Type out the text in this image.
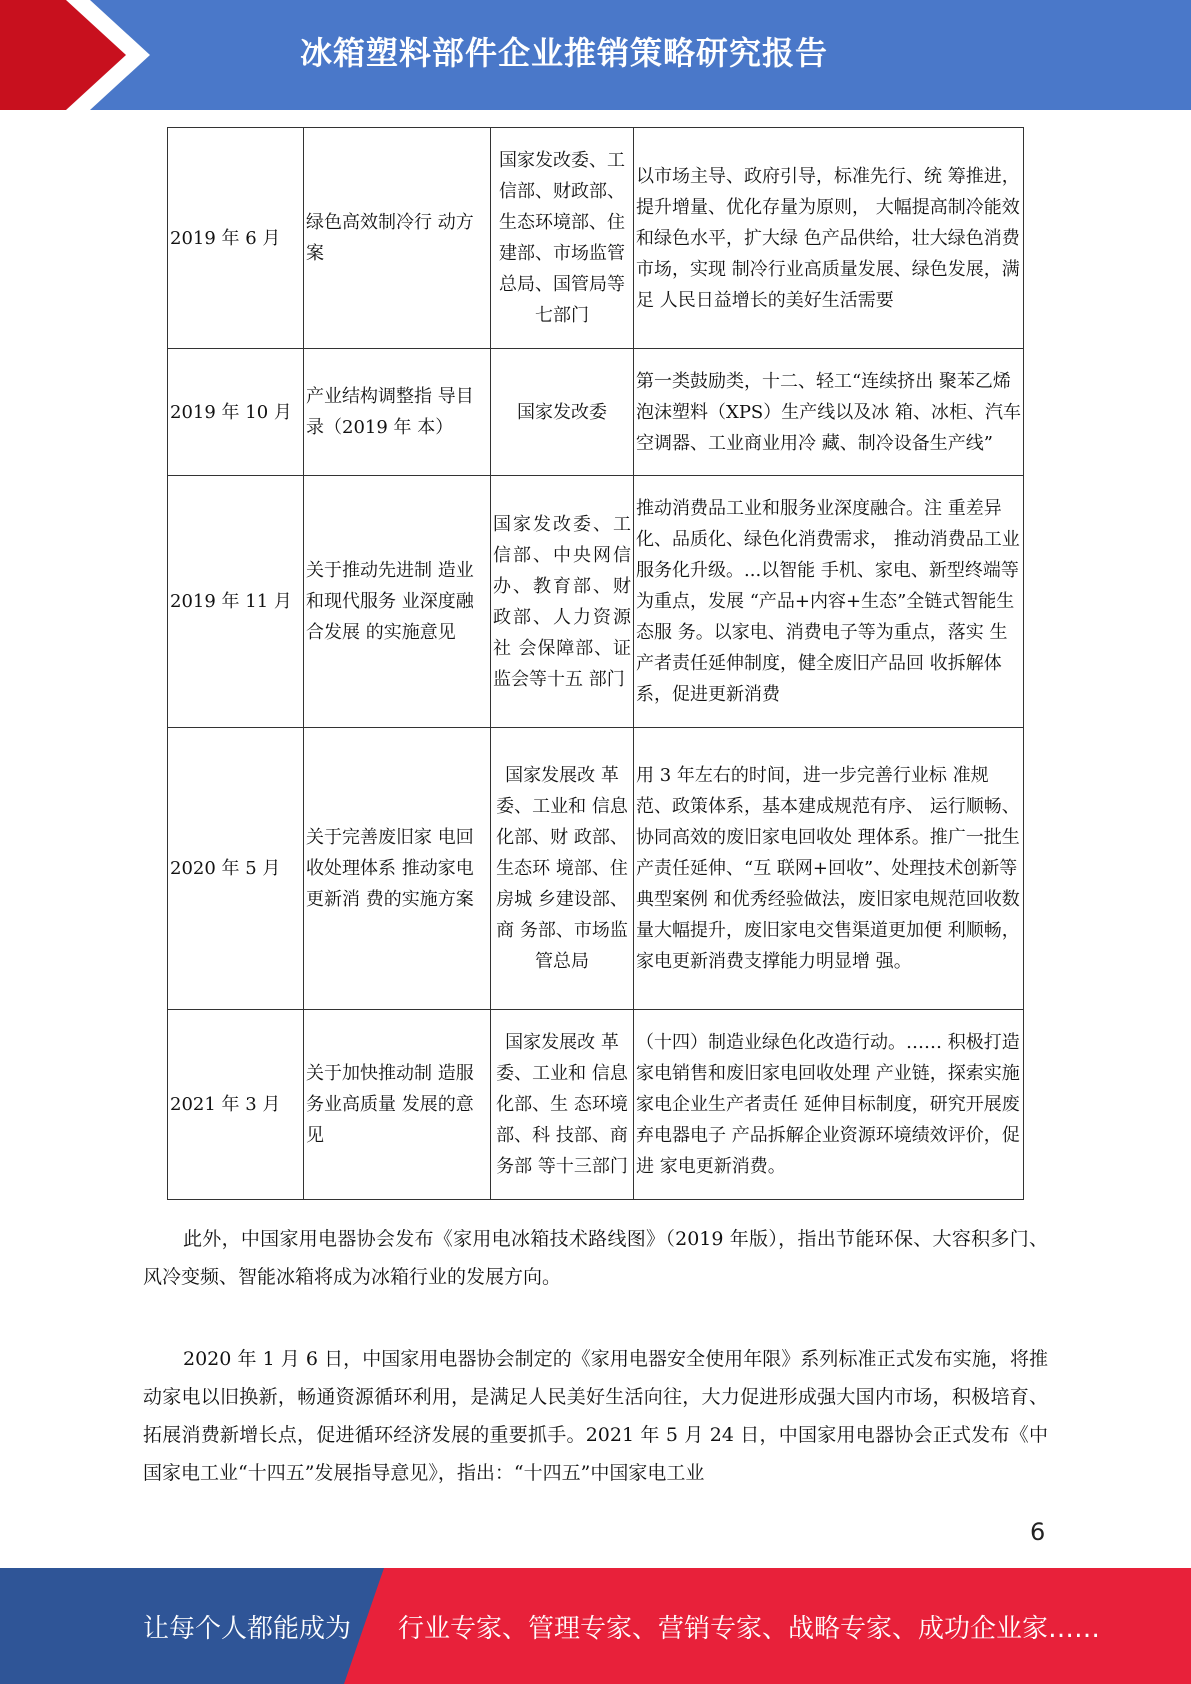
冰箱塑料部件企业推销策略研究报告
2019 年 6 月	绿色高效制冷行 动方案	国家发改委、工信部、财政部、生态环境部、住建部、市场监管总局、国管局等七部门	以市场主导、政府引导，标准先行、统 筹推进，提升增量、优化存量为原则， 大幅提高制冷能效和绿色水平，扩大绿 色产品供给，壮大绿色消费市场，实现 制冷行业高质量发展、绿色发展，满足 人民日益增长的美好生活需要
2019 年 10 月	产业结构调整指 导目录（2019 年 本）	国家发改委	第一类鼓励类，十二、轻工“连续挤出 聚苯乙烯泡沫塑料（XPS）生产线以及冰 箱、冰柜、汽车空调器、工业商业用冷 藏、制冷设备生产线”
2019 年 11 月	关于推动先进制 造业和现代服务 业深度融合发展 的实施意见	国家发改委、工信部、中央网信办、教育部、财政部、人力资源社 会保障部、证 监会等十五 部门	推动消费品工业和服务业深度融合。注 重差异化、品质化、绿色化消费需求， 推动消费品工业服务化升级。...以智能 手机、家电、新型终端等为重点，发展 “产品+内容+生态”全链式智能生态服 务。以家电、消费电子等为重点，落实 生产者责任延伸制度，健全废旧产品回 收拆解体系，促进更新消费
2020 年 5 月	关于完善废旧家 电回收处理体系 推动家电更新消 费的实施方案	国家发展改 革委、工业和 信息化部、财 政部、生态环 境部、住房城 乡建设部、商 务部、市场监 管总局	用 3 年左右的时间，进一步完善行业标 准规范、政策体系，基本建成规范有序、 运行顺畅、协同高效的废旧家电回收处 理体系。推广一批生产责任延伸、“互 联网+回收”、处理技术创新等典型案例 和优秀经验做法，废旧家电规范回收数 量大幅提升，废旧家电交售渠道更加便 利顺畅，家电更新消费支撑能力明显增 强。
2021 年 3 月	关于加快推动制 造服务业高质量 发展的意见	国家发展改 革委、工业和 信息化部、生 态环境部、科 技部、商务部 等十三部门	（十四）制造业绿色化改造行动。…… 积极打造家电销售和废旧家电回收处理 产业链，探索实施家电企业生产者责任 延伸目标制度，研究开展废弃电器电子 产品拆解企业资源环境绩效评价，促进 家电更新消费。

此外，中国家用电器协会发布《家用电冰箱技术路线图》（2019 年版），指出节能环保、大容积多门、风冷变频、智能冰箱将成为冰箱行业的发展方向。

2020 年 1 月 6 日，中国家用电器协会制定的《家用电器安全使用年限》系列标准正式发布实施，将推动家电以旧换新，畅通资源循环利用，是满足人民美好生活向往，大力促进形成强大国内市场，积极培育、拓展消费新增长点，促进循环经济发展的重要抓手。2021 年 5 月 24 日，中国家用电器协会正式发布《中国家电工业“十四五”发展指导意见》，指出：“十四五”中国家电工业

6
让每个人都能成为 行业专家、管理专家、营销专家、战略专家、成功企业家……
